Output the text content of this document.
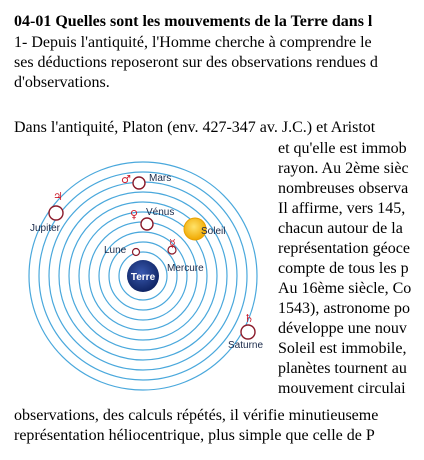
04-01 Quelles sont les mouvements de la Terre dans l
1- Depuis l'antiquité, l'Homme cherche à comprendre le
ses déductions reposeront sur des observations rendues d
d'observations.
Dans l'antiquité, Platon (env. 427-347 av. J.C.) et Aristot
et qu'elle est immob
rayon. Au 2ème sièc
nombreuses observa
Il affirme, vers 145,
chacun autour de la
représentation géoce
compte de tous les p
Au 16ème siècle, Co
1543), astronome po
développe une nouv
Soleil est immobile,
planètes tournent au
mouvement circulai
observations, des calculs répétés, il vérifie minutieuseme
représentation héliocentrique, plus simple que celle de P
Terre
Lune
☿
Mercure
♀ Vénus
Soleil
♂ Mars
♃
Jupiter
♄
Saturne
